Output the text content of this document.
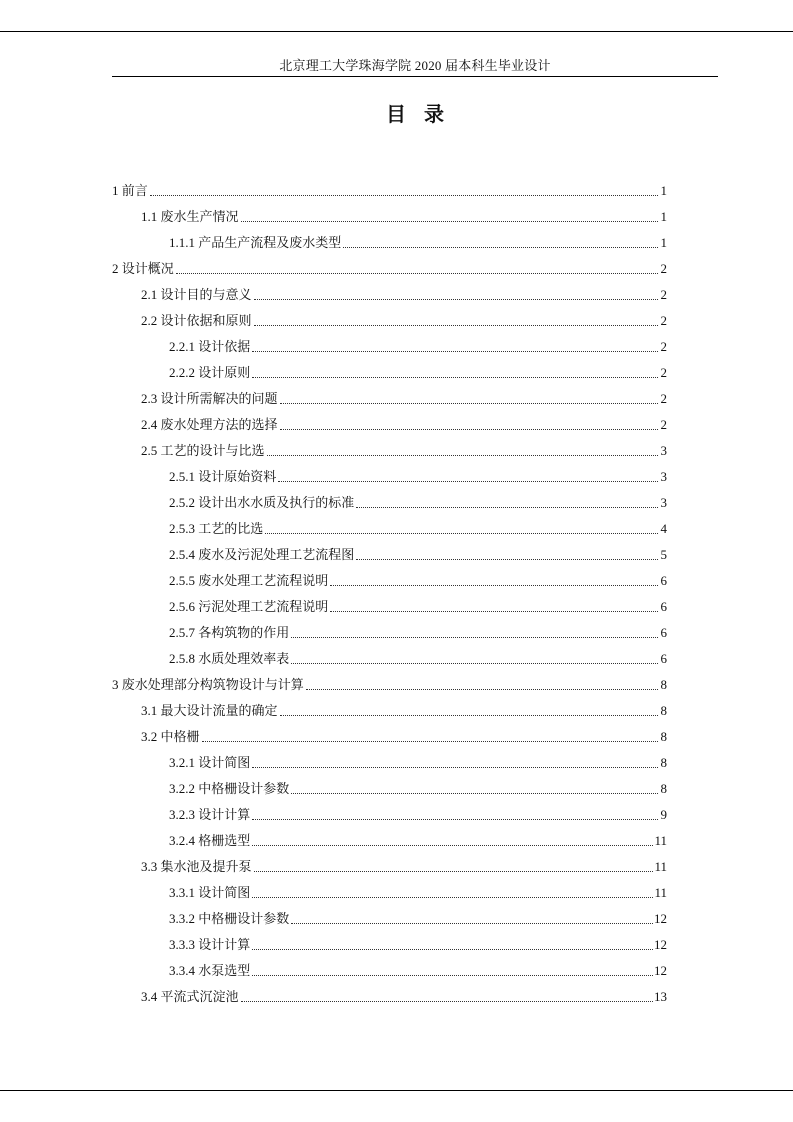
北京理工大学珠海学院 2020 届本科生毕业设计
目录
1 前言	1
1.1 废水生产情况	1
1.1.1 产品生产流程及废水类型	1
2 设计概况	2
2.1 设计目的与意义	2
2.2 设计依据和原则	2
2.2.1 设计依据	2
2.2.2 设计原则	2
2.3 设计所需解决的问题	2
2.4 废水处理方法的选择	2
2.5 工艺的设计与比选	3
2.5.1 设计原始资料	3
2.5.2 设计出水水质及执行的标准	3
2.5.3 工艺的比选	4
2.5.4 废水及污泥处理工艺流程图	5
2.5.5 废水处理工艺流程说明	6
2.5.6 污泥处理工艺流程说明	6
2.5.7 各构筑物的作用	6
2.5.8 水质处理效率表	6
3 废水处理部分构筑物设计与计算	8
3.1 最大设计流量的确定	8
3.2 中格栅	8
3.2.1 设计简图	8
3.2.2 中格栅设计参数	8
3.2.3 设计计算	9
3.2.4 格栅选型	11
3.3 集水池及提升泵	11
3.3.1 设计简图	11
3.3.2 中格栅设计参数	12
3.3.3 设计计算	12
3.3.4 水泵选型	12
3.4 平流式沉淀池	13
